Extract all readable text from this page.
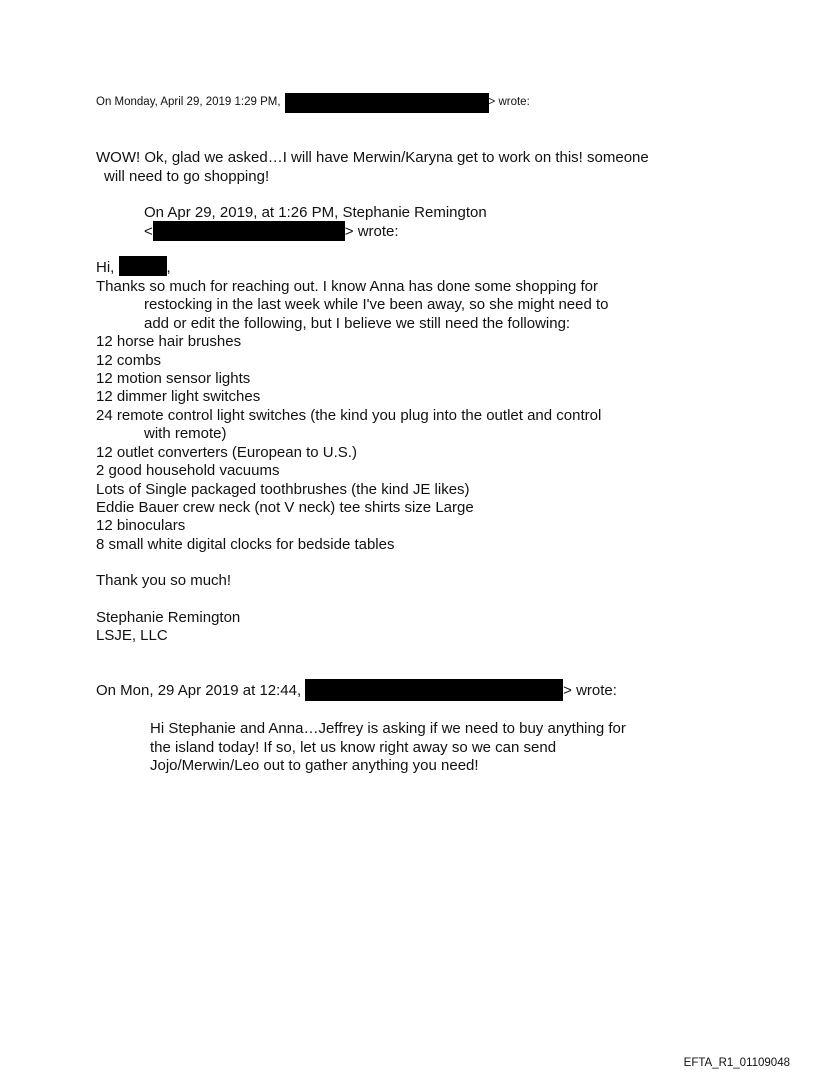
On Monday, April 29, 2019 1:29 PM,	> wrote:
WOW! Ok, glad we asked…I will have Merwin/Karyna get to work on this! someone
will need to go shopping!
On Apr 29, 2019, at 1:26 PM, Stephanie Remington
<	> wrote:
Hi,	,
Thanks so much for reaching out. I know Anna has done some shopping for
restocking in the last week while I've been away, so she might need to
add or edit the following, but I believe we still need the following:
12 horse hair brushes
12 combs
12 motion sensor lights
12 dimmer light switches
24 remote control light switches (the kind you plug into the outlet and control
with remote)
12 outlet converters (European to U.S.)
2 good household vacuums
Lots of Single packaged toothbrushes (the kind JE likes)
Eddie Bauer crew neck (not V neck) tee shirts size Large
12 binoculars
8 small white digital clocks for bedside tables
Thank you so much!
Stephanie Remington
LSJE, LLC
On Mon, 29 Apr 2019 at 12:44,	> wrote:
Hi Stephanie and Anna…Jeffrey is asking if we need to buy anything for
the island today! If so, let us know right away so we can send
Jojo/Merwin/Leo out to gather anything you need!
EFTA_R1_01109048
